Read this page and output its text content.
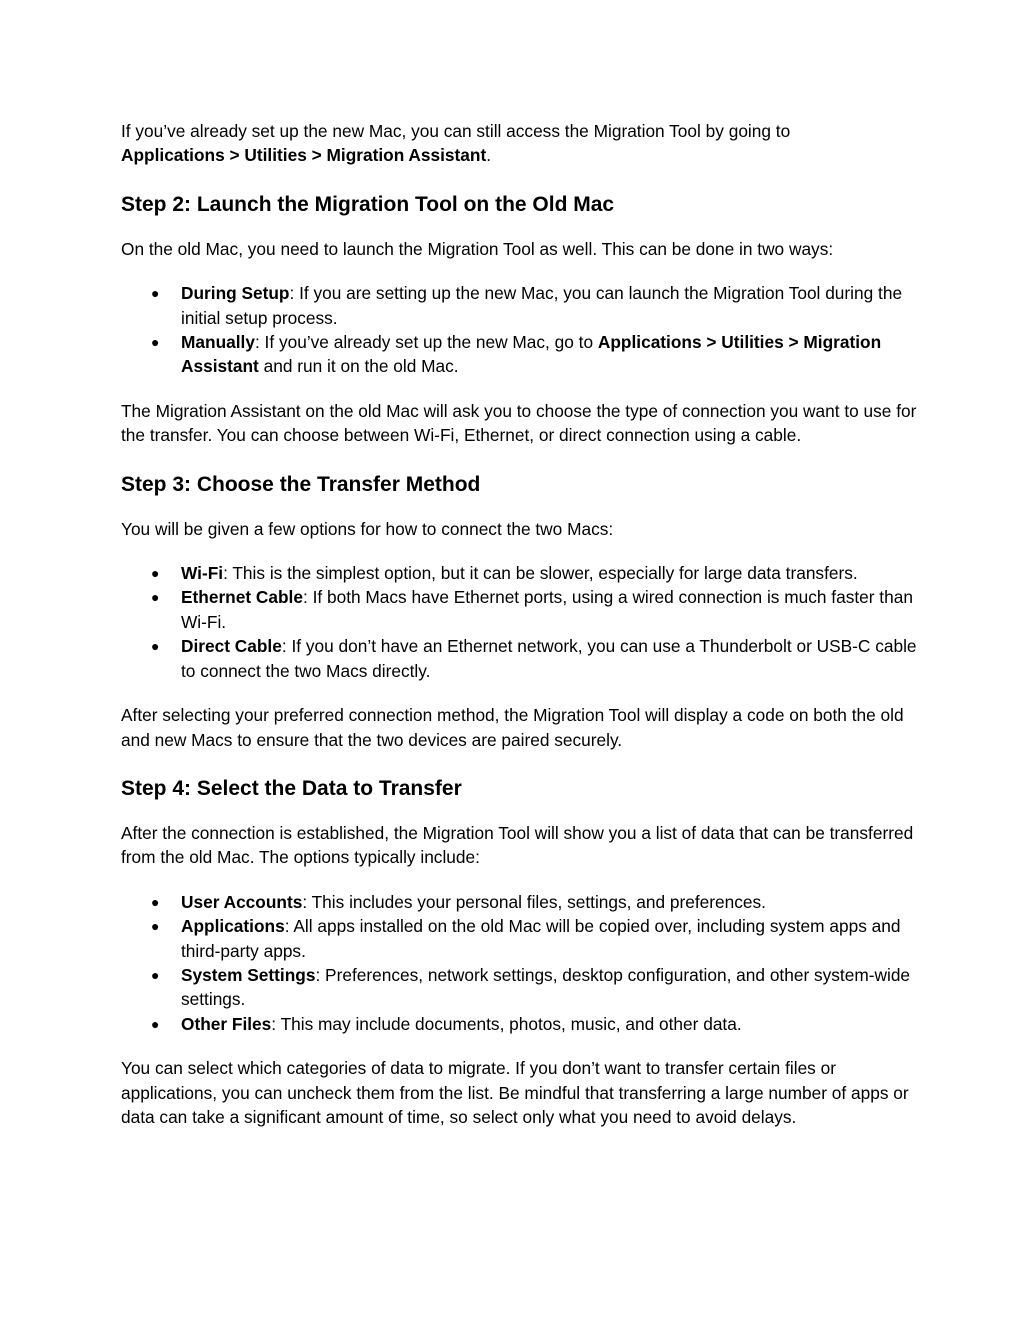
If you’ve already set up the new Mac, you can still access the Migration Tool by going to
Applications > Utilities > Migration Assistant.

Step 2: Launch the Migration Tool on the Old Mac

On the old Mac, you need to launch the Migration Tool as well. This can be done in two ways:

● During Setup: If you are setting up the new Mac, you can launch the Migration Tool during the initial setup process.
● Manually: If you’ve already set up the new Mac, go to Applications > Utilities > Migration Assistant and run it on the old Mac.

The Migration Assistant on the old Mac will ask you to choose the type of connection you want to use for the transfer. You can choose between Wi-Fi, Ethernet, or direct connection using a cable.

Step 3: Choose the Transfer Method

You will be given a few options for how to connect the two Macs:

● Wi-Fi: This is the simplest option, but it can be slower, especially for large data transfers.
● Ethernet Cable: If both Macs have Ethernet ports, using a wired connection is much faster than Wi-Fi.
● Direct Cable: If you don’t have an Ethernet network, you can use a Thunderbolt or USB-C cable to connect the two Macs directly.

After selecting your preferred connection method, the Migration Tool will display a code on both the old and new Macs to ensure that the two devices are paired securely.

Step 4: Select the Data to Transfer

After the connection is established, the Migration Tool will show you a list of data that can be transferred from the old Mac. The options typically include:

● User Accounts: This includes your personal files, settings, and preferences.
● Applications: All apps installed on the old Mac will be copied over, including system apps and third-party apps.
● System Settings: Preferences, network settings, desktop configuration, and other system-wide settings.
● Other Files: This may include documents, photos, music, and other data.

You can select which categories of data to migrate. If you don’t want to transfer certain files or applications, you can uncheck them from the list. Be mindful that transferring a large number of apps or data can take a significant amount of time, so select only what you need to avoid delays.
